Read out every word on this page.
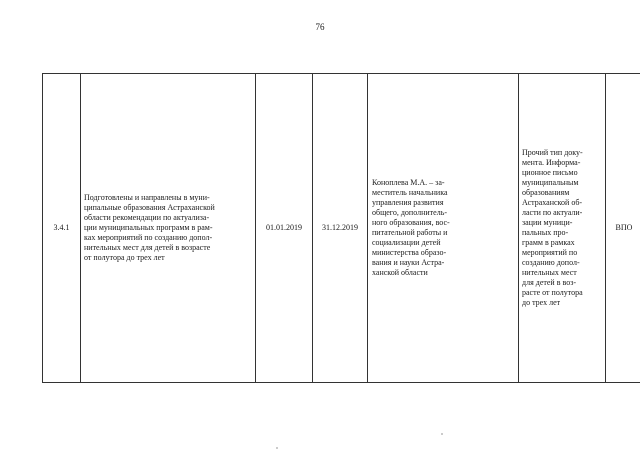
76
3.4.1
Подготовлены и направлены в муни-
ципальные образования Астраханской
области рекомендации по актуализа-
ции муниципальных программ в рам-
ках мероприятий по созданию допол-
нительных мест для детей в возрасте
от полутора до трех лет
01.01.2019	31.12.2019
Коноплева М.А. – за-
меститель начальника
управления развития
общего, дополнитель-
ного образования, вос-
питательной работы и
социализации детей
министерства образо-
вания и науки Астра-
ханской области
Прочий тип доку-
мента. Информа-
ционное письмо
муниципальным
образованиям
Астраханской об-
ласти по актуали-
зации муници-
пальных про-
грамм в рамках
мероприятий по
созданию допол-
нительных мест
для детей в воз-
расте от полутора
до трех лет
ВПО
